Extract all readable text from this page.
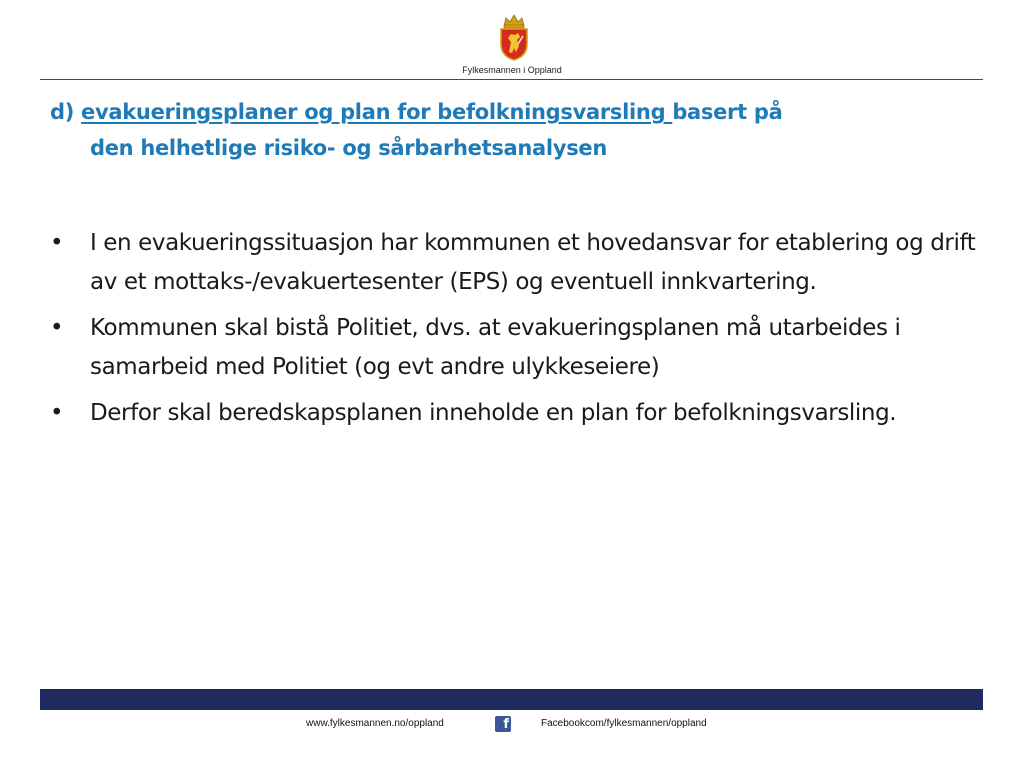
Fylkesmannen i Oppland
d) evakueringsplaner og plan for befolkningsvarsling basert på
den helhetlige risiko- og sårbarhetsanalysen
• I en evakueringssituasjon har kommunen et hovedansvar for etablering og drift av et mottaks-/evakuertesenter (EPS) og eventuell innkvartering.
• Kommunen skal bistå Politiet, dvs. at evakueringsplanen må utarbeides i samarbeid med Politiet (og evt andre ulykkeseiere)
• Derfor skal beredskapsplanen inneholde en plan for befolkningsvarsling.
www.fylkesmannen.no/oppland	f	Facebookcom/fylkesmannen/oppland
